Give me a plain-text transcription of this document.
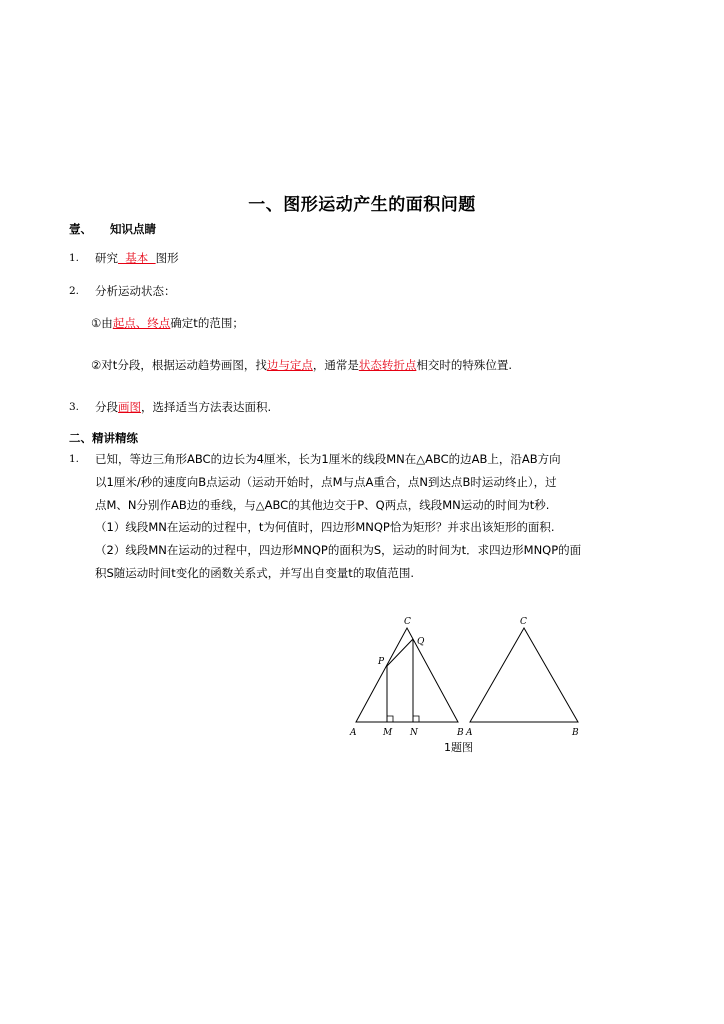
一、图形运动产生的面积问题
壹、 知识点睛
1. 研究  基本  图形
2. 分析运动状态：
①由起点、终点确定t的范围；
②对t分段，根据运动趋势画图，找边与定点，通常是状态转折点相交时的特殊位置.
3. 分段画图，选择适当方法表达面积.
二、精讲精练
1. 已知，等边三角形ABC的边长为4厘米，长为1厘米的线段MN在△ABC的边AB上，沿AB方向
以1厘米/秒的速度向B点运动（运动开始时，点M与点A重合，点N到达点B时运动终止），过
点M、N分别作AB边的垂线，与△ABC的其他边交于P、Q两点，线段MN运动的时间为t秒.
（1）线段MN在运动的过程中，t为何值时，四边形MNQP恰为矩形？并求出该矩形的面积.
（2）线段MN在运动的过程中，四边形MNQP的面积为S，运动的时间为t．求四边形MNQP的面
积S随运动时间t变化的函数关系式，并写出自变量t的取值范围.
A	M N	B
C
P
Q
A	B
C
1题图
